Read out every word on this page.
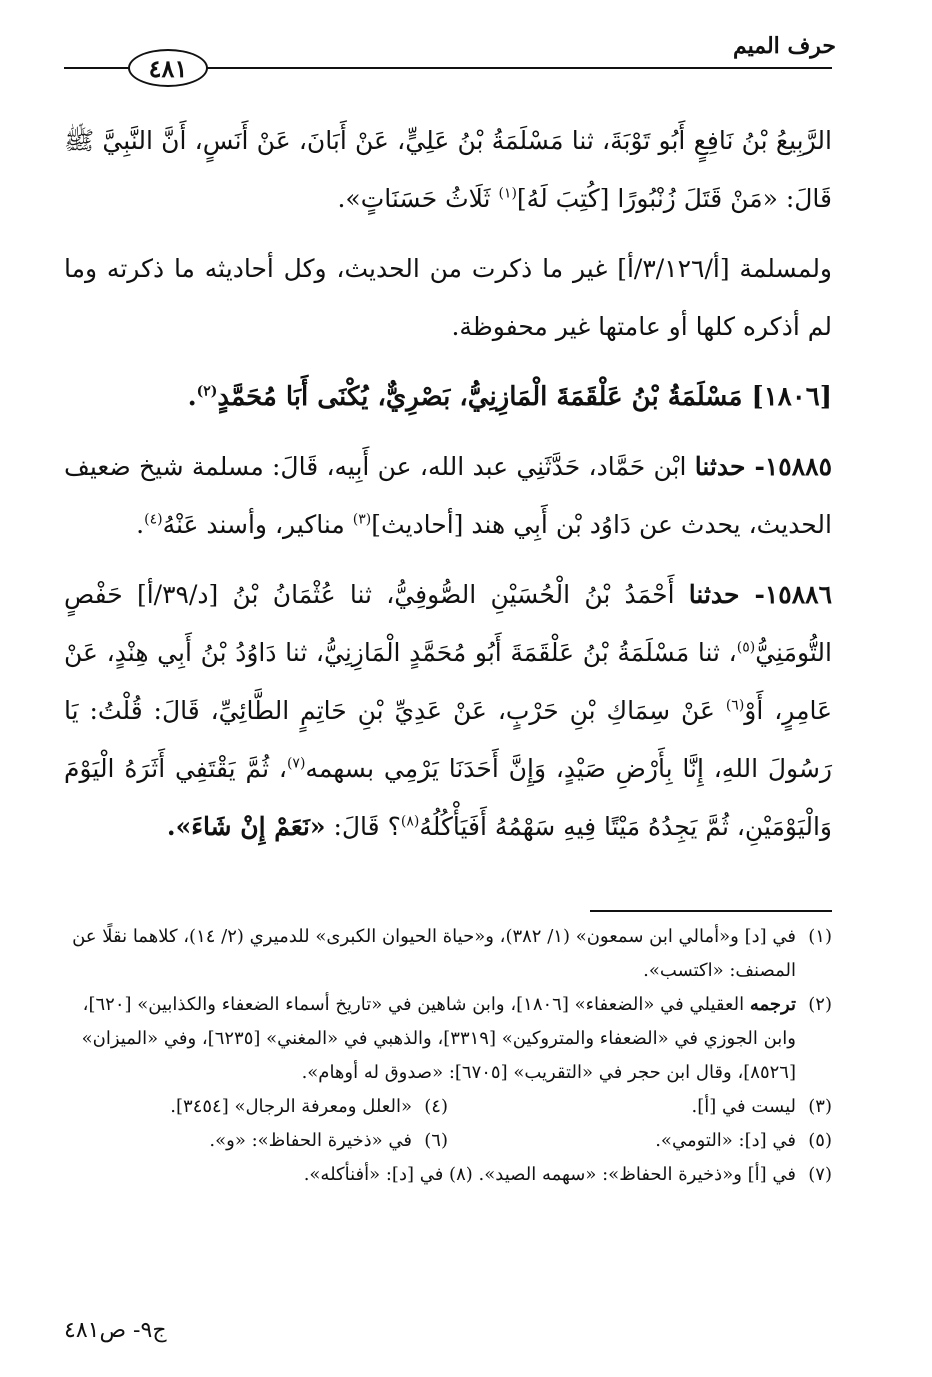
٤٨١
حرف الميم

الرَّبِيعُ بْنُ نَافِعٍ أَبُو تَوْبَةَ، ثنا مَسْلَمَةُ بْنُ عَلِيٍّ، عَنْ أَبَانَ، عَنْ أَنَسٍ، أَنَّ النَّبِيَّ ﷺ قَالَ: «مَنْ قَتَلَ زُنْبُورًا [كُتِبَ لَهُ]$^{(١)}$ ثَلَاثُ حَسَنَاتٍ».

ولمسلمة [أ/٣/١٢٦/أ] غير ما ذكرت من الحديث، وكل أحاديثه ما ذكرته وما لم أذكره كلها أو عامتها غير محفوظة.

[١٨٠٦] مَسْلَمَةُ بْنُ عَلْقَمَةَ الْمَازِنِيُّ، بَصْرِيٌّ، يُكْنَى أَبَا مُحَمَّدٍ$^{(٢)}$.

١٥٨٨٥- حدثنا ابْن حَمَّاد، حَدَّثَنِي عبد الله، عن أَبِيه، قَالَ: مسلمة شيخ ضعيف الحديث، يحدث عن دَاوُد بْن أَبِي هند [أحاديث]$^{(٣)}$ مناكير، وأسند عَنْهُ$^{(٤)}$.

١٥٨٨٦- حدثنا أَحْمَدُ بْنُ الْحُسَيْنِ الصُّوفِيُّ، ثنا عُثْمَانُ بْنُ [د/٣٩/أ] حَفْصٍ التُّومَنِيُّ$^{(٥)}$، ثنا مَسْلَمَةُ بْنُ عَلْقَمَةَ أَبُو مُحَمَّدٍ الْمَازِنِيُّ، ثنا دَاوُدُ بْنُ أَبِي هِنْدٍ، عَنْ عَامِرٍ، أَوْ$^{(٦)}$ عَنْ سِمَاكِ بْنِ حَرْبٍ، عَنْ عَدِيِّ بْنِ حَاتِمٍ الطَّائِيِّ، قَالَ: قُلْتُ: يَا رَسُولَ اللهِ، إِنَّا بِأَرْضِ صَيْدٍ، وَإِنَّ أَحَدَنَا يَرْمِي بسهمه$^{(٧)}$، ثُمَّ يَقْتَفِي أَثَرَهُ الْيَوْمَ وَالْيَوْمَيْنِ، ثُمَّ يَجِدُهُ مَيْتًا فِيهِ سَهْمُهُ أَفَيَأْكُلُهُ$^{(٨)}$؟ قَالَ: «نَعَمْ إِنْ شَاءَ».

(١)
في [د] و«أمالي ابن سمعون» (١/ ٣٨٢)، و«حياة الحيوان الكبرى» للدميري (٢/ ١٤)، كلاهما نقلًا عن المصنف: «اكتسب».
(٢)
ترجمه العقيلي في «الضعفاء» [١٨٠٦]، وابن شاهين في «تاريخ أسماء الضعفاء والكذابين» [٦٢٠]، وابن الجوزي في «الضعفاء والمتروكين» [٣٣١٩]، والذهبي في «المغني» [٦٢٣٥]، وفي «الميزان» [٨٥٢٦]، وقال ابن حجر في «التقريب» [٦٧٠٥]: «صدوق له أوهام».
(٣)
ليست في [أ].
(٤)
«العلل ومعرفة الرجال» [٣٤٥٤].
(٥)
في [د]: «التومي».
(٦)
في «ذخيرة الحفاظ»: «و».
(٧)
في [أ] و«ذخيرة الحفاظ»: «سهمه الصيد». (٨) في [د]: «أفنأكله».
ج٩- ص٤٨١
